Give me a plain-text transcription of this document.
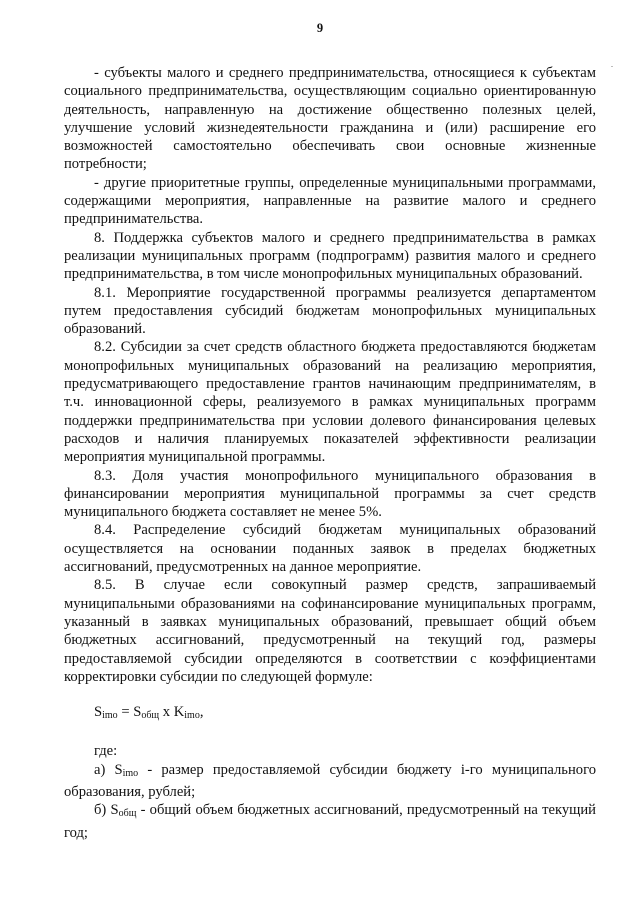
9

- субъекты малого и среднего предпринимательства, относящиеся к субъектам социального предпринимательства, осуществляющим социально ориентированную деятельность, направленную на достижение общественно полезных целей, улучшение условий жизнедеятельности гражданина и (или) расширение его возможностей самостоятельно обеспечивать свои основные жизненные потребности;

- другие приоритетные группы, определенные муниципальными программами, содержащими мероприятия, направленные на развитие малого и среднего предпринимательства.

8. Поддержка субъектов малого и среднего предпринимательства в рамках реализации муниципальных программ (подпрограмм) развития малого и среднего предпринимательства, в том числе монопрофильных муниципальных образований.

8.1. Мероприятие государственной программы реализуется департаментом путем предоставления субсидий бюджетам монопрофильных муниципальных образований.

8.2. Субсидии за счет средств областного бюджета предоставляются бюджетам монопрофильных муниципальных образований на реализацию мероприятия, предусматривающего предоставление грантов начинающим предпринимателям, в т.ч. инновационной сферы, реализуемого в рамках муниципальных программ поддержки предпринимательства при условии долевого финансирования целевых расходов и наличия планируемых показателей эффективности реализации мероприятия муниципальной программы.

8.3. Доля участия монопрофильного муниципального образования в финансировании мероприятия муниципальной программы за счет средств муниципального бюджета составляет не менее 5%.

8.4. Распределение субсидий бюджетам муниципальных образований осуществляется на основании поданных заявок в пределах бюджетных ассигнований, предусмотренных на данное мероприятие.

8.5. В случае если совокупный размер средств, запрашиваемый муниципальными образованиями на софинансирование муниципальных программ, указанный в заявках муниципальных образований, превышает общий объем бюджетных ассигнований, предусмотренный на текущий год, размеры предоставляемой субсидии определяются в соответствии с коэффициентами корректировки субсидии по следующей формуле:

$S_{imo} = S_{общ}$ x $K_{imo}$,

где:

а) $S_{imo}$ - размер предоставляемой субсидии бюджету i-го муниципального образования, рублей;

б) $S_{общ}$ - общий объем бюджетных ассигнований, предусмотренный на текущий год;
